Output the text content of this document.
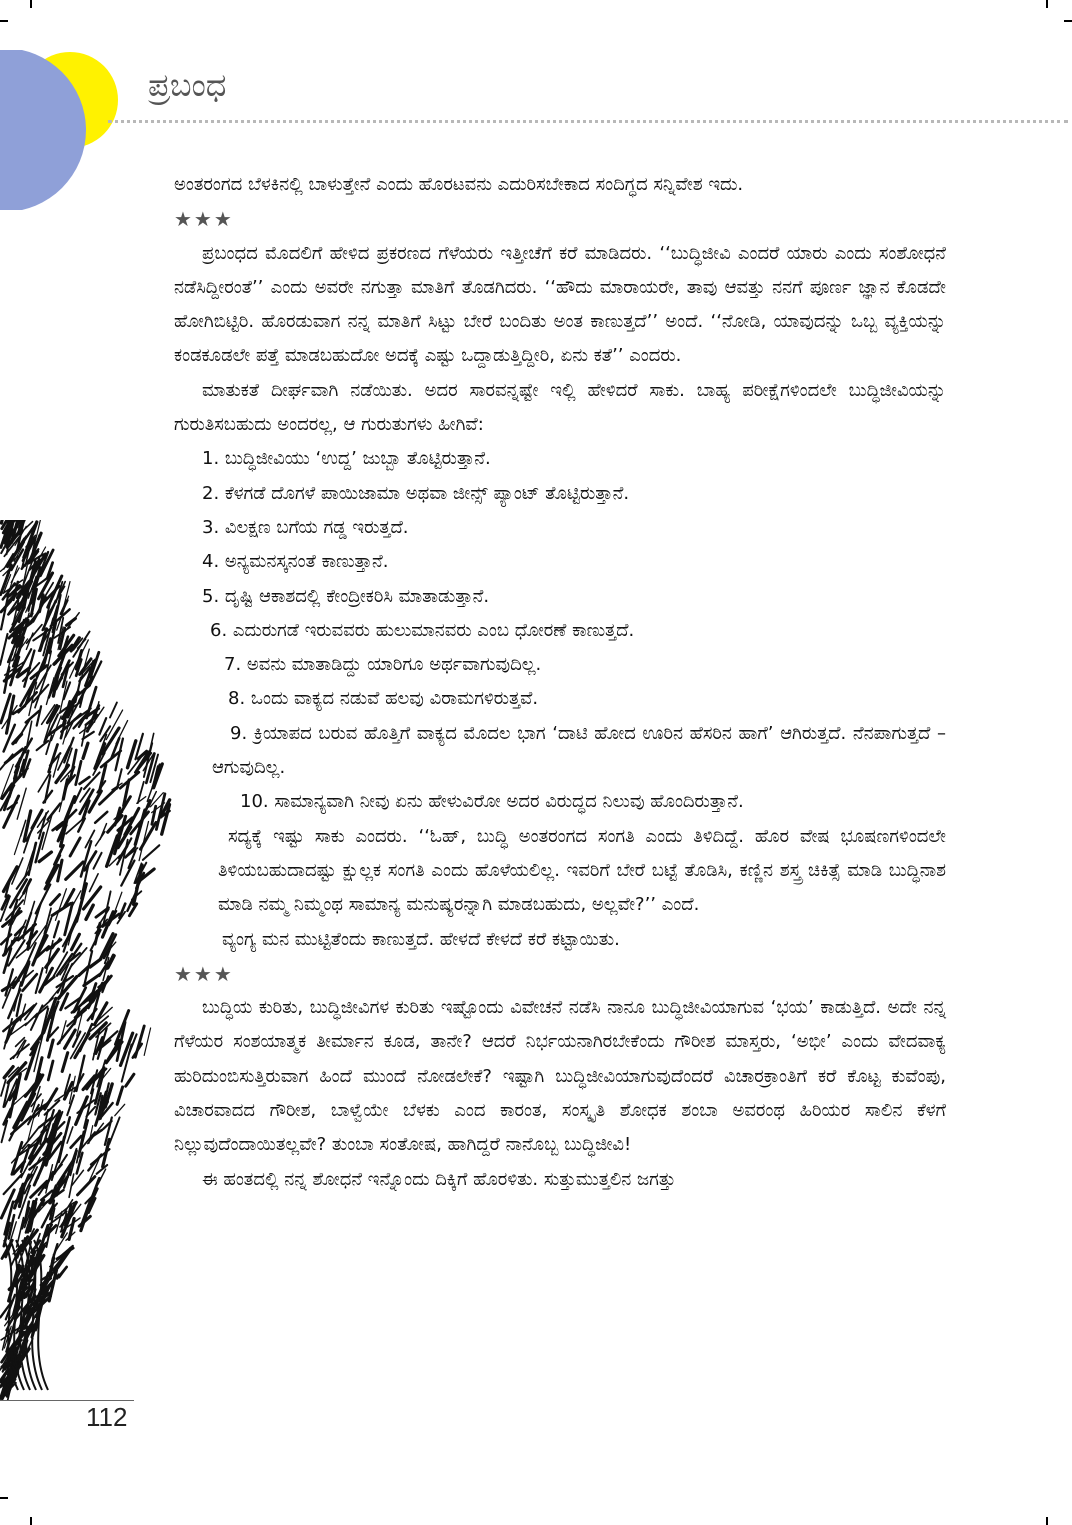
ಪ್ರಬಂಧ

ಅಂತರಂಗದ ಬೆಳಕಿನಲ್ಲಿ ಬಾಳುತ್ತೇನೆ ಎಂದು ಹೊರಟವನು ಎದುರಿಸಬೇಕಾದ ಸಂದಿಗ್ಧದ ಸನ್ನಿವೇಶ ಇದು.

★★★

ಪ್ರಬಂಧದ ಮೊದಲಿಗೆ ಹೇಳಿದ ಪ್ರಕರಣದ ಗೆಳೆಯರು ಇತ್ತೀಚೆಗೆ ಕರೆ ಮಾಡಿದರು. ‘‘ಬುದ್ಧಿಜೀವಿ ಎಂದರೆ ಯಾರು ಎಂದು ಸಂಶೋಧನೆ ನಡೆಸಿದ್ದೀರಂತೆ’’ ಎಂದು ಅವರೇ ನಗುತ್ತಾ ಮಾತಿಗೆ ತೊಡಗಿದರು. ‘‘ಹೌದು ಮಾರಾಯರೇ, ತಾವು ಆವತ್ತು ನನಗೆ ಪೂರ್ಣ ಜ್ಞಾನ ಕೊಡದೇ ಹೋಗಿಬಿಟ್ಟಿರಿ. ಹೊರಡುವಾಗ ನನ್ನ ಮಾತಿಗೆ ಸಿಟ್ಟು ಬೇರೆ ಬಂದಿತು ಅಂತ ಕಾಣುತ್ತದೆ’’ ಅಂದೆ. ‘‘ನೋಡಿ, ಯಾವುದನ್ನು ಒಬ್ಬ ವ್ಯಕ್ತಿಯನ್ನು ಕಂಡಕೂಡಲೇ ಪತ್ತೆ ಮಾಡಬಹುದೋ ಅದಕ್ಕೆ ಎಷ್ಟು ಒದ್ದಾಡುತ್ತಿದ್ದೀರಿ, ಏನು ಕತೆ’’ ಎಂದರು.

ಮಾತುಕತೆ ದೀರ್ಘವಾಗಿ ನಡೆಯಿತು. ಅದರ ಸಾರವನ್ನಷ್ಟೇ ಇಲ್ಲಿ ಹೇಳಿದರೆ ಸಾಕು. ಬಾಹ್ಯ ಪರೀಕ್ಷೆಗಳಿಂದಲೇ ಬುದ್ಧಿಜೀವಿಯನ್ನು ಗುರುತಿಸಬಹುದು ಅಂದರಲ್ಲ, ಆ ಗುರುತುಗಳು ಹೀಗಿವೆ:

1. ಬುದ್ಧಿಜೀವಿಯು ‘ಉದ್ದ’ ಜುಬ್ಬಾ ತೊಟ್ಟಿರುತ್ತಾನೆ.

2. ಕೆಳಗಡೆ ದೊಗಳೆ ಪಾಯಿಜಾಮಾ ಅಥವಾ ಜೀನ್ಸ್ ಪ್ಯಾಂಟ್ ತೊಟ್ಟಿರುತ್ತಾನೆ.

3. ವಿಲಕ್ಷಣ ಬಗೆಯ ಗಡ್ಡ ಇರುತ್ತದೆ.

4. ಅನ್ಯಮನಸ್ಕನಂತೆ ಕಾಣುತ್ತಾನೆ.

5. ದೃಷ್ಟಿ ಆಕಾಶದಲ್ಲಿ ಕೇಂದ್ರೀಕರಿಸಿ ಮಾತಾಡುತ್ತಾನೆ.

6. ಎದುರುಗಡೆ ಇರುವವರು ಹುಲುಮಾನವರು ಎಂಬ ಧೋರಣೆ ಕಾಣುತ್ತದೆ.

7. ಅವನು ಮಾತಾಡಿದ್ದು ಯಾರಿಗೂ ಅರ್ಥವಾಗುವುದಿಲ್ಲ.

8. ಒಂದು ವಾಕ್ಯದ ನಡುವೆ ಹಲವು ವಿರಾಮಗಳಿರುತ್ತವೆ.

9. ಕ್ರಿಯಾಪದ ಬರುವ ಹೊತ್ತಿಗೆ ವಾಕ್ಯದ ಮೊದಲ ಭಾಗ ‘ದಾಟಿ ಹೋದ ಊರಿನ ಹೆಸರಿನ ಹಾಗೆ’ ಆಗಿರುತ್ತದೆ. ನೆನಪಾಗುತ್ತದೆ – ಆಗುವುದಿಲ್ಲ.

10. ಸಾಮಾನ್ಯವಾಗಿ ನೀವು ಏನು ಹೇಳುವಿರೋ ಅದರ ವಿರುದ್ಧದ ನಿಲುವು ಹೊಂದಿರುತ್ತಾನೆ.

ಸದ್ಯಕ್ಕೆ ಇಷ್ಟು ಸಾಕು ಎಂದರು. ‘‘ಓಹ್, ಬುದ್ಧಿ ಅಂತರಂಗದ ಸಂಗತಿ ಎಂದು ತಿಳಿದಿದ್ದೆ. ಹೊರ ವೇಷ ಭೂಷಣಗಳಿಂದಲೇ ತಿಳಿಯಬಹುದಾದಷ್ಟು ಕ್ಷುಲ್ಲಕ ಸಂಗತಿ ಎಂದು ಹೊಳೆಯಲಿಲ್ಲ. ಇವರಿಗೆ ಬೇರೆ ಬಟ್ಟೆ ತೊಡಿಸಿ, ಕಣ್ಣಿನ ಶಸ್ತ್ರ ಚಿಕಿತ್ಸೆ ಮಾಡಿ ಬುದ್ಧಿನಾಶ ಮಾಡಿ ನಮ್ಮ ನಿಮ್ಮಂಥ ಸಾಮಾನ್ಯ ಮನುಷ್ಯರನ್ನಾಗಿ ಮಾಡಬಹುದು, ಅಲ್ಲವೇ?’’ ಎಂದೆ.

ವ್ಯಂಗ್ಯ ಮನ ಮುಟ್ಟಿತೆಂದು ಕಾಣುತ್ತದೆ. ಹೇಳದೆ ಕೇಳದೆ ಕರೆ ಕಟ್ಟಾಯಿತು.

★★★

ಬುದ್ಧಿಯ ಕುರಿತು, ಬುದ್ಧಿಜೀವಿಗಳ ಕುರಿತು ಇಷ್ಟೊಂದು ವಿವೇಚನೆ ನಡೆಸಿ ನಾನೂ ಬುದ್ಧಿಜೀವಿಯಾಗುವ ‘ಭಯ’ ಕಾಡುತ್ತಿದೆ. ಅದೇ ನನ್ನ ಗೆಳೆಯರ ಸಂಶಯಾತ್ಮಕ ತೀರ್ಮಾನ ಕೂಡ, ತಾನೇ? ಆದರೆ ನಿರ್ಭಯನಾಗಿರಬೇಕೆಂದು ಗೌರೀಶ ಮಾಸ್ತರು, ‘ಅಭೀ’ ಎಂದು ವೇದವಾಕ್ಯ ಹುರಿದುಂಬಿಸುತ್ತಿರುವಾಗ ಹಿಂದೆ ಮುಂದೆ ನೋಡಲೇಕೆ? ಇಷ್ಟಾಗಿ ಬುದ್ಧಿಜೀವಿಯಾಗುವುದೆಂದರೆ ವಿಚಾರಕ್ರಾಂತಿಗೆ ಕರೆ ಕೊಟ್ಟ ಕುವೆಂಪು, ವಿಚಾರವಾದದ ಗೌರೀಶ, ಬಾಳ್ವೆಯೇ ಬೆಳಕು ಎಂದ ಕಾರಂತ, ಸಂಸ್ಕೃತಿ ಶೋಧಕ ಶಂಬಾ ಅವರಂಥ ಹಿರಿಯರ ಸಾಲಿನ ಕೆಳಗೆ ನಿಲ್ಲುವುದೆಂದಾಯಿತಲ್ಲವೇ? ತುಂಬಾ ಸಂತೋಷ, ಹಾಗಿದ್ದರೆ ನಾನೊಬ್ಬ ಬುದ್ಧಿಜೀವಿ!

ಈ ಹಂತದಲ್ಲಿ ನನ್ನ ಶೋಧನೆ ಇನ್ನೊಂದು ದಿಕ್ಕಿಗೆ ಹೊರಳಿತು. ಸುತ್ತುಮುತ್ತಲಿನ ಜಗತ್ತು

112
